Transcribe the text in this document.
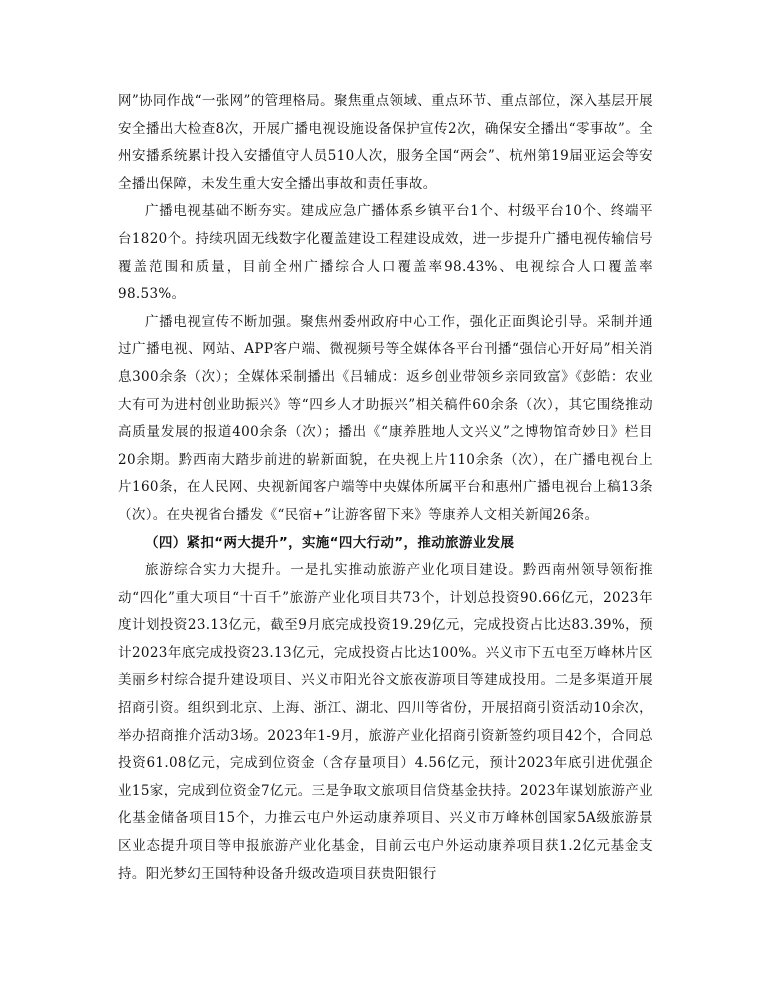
网”协同作战“一张网”的管理格局。聚焦重点领域、重点环节、重点部位，深入基层开展安全播出大检查8次，开展广播电视设施设备保护宣传2次，确保安全播出“零事故”。全州安播系统累计投入安播值守人员510人次，服务全国“两会”、杭州第19届亚运会等安全播出保障，未发生重大安全播出事故和责任事故。

广播电视基础不断夯实。建成应急广播体系乡镇平台1个、村级平台10个、终端平台1820个。持续巩固无线数字化覆盖建设工程建设成效，进一步提升广播电视传输信号覆盖范围和质量，目前全州广播综合人口覆盖率98.43%、电视综合人口覆盖率98.53%。

广播电视宣传不断加强。聚焦州委州政府中心工作，强化正面舆论引导。采制并通过广播电视、网站、APP客户端、微视频号等全媒体各平台刊播“强信心开好局”相关消息300余条（次）；全媒体采制播出《吕辅成：返乡创业带领乡亲同致富》《彭皓：农业大有可为进村创业助振兴》等“四乡人才助振兴”相关稿件60余条（次），其它围绕推动高质量发展的报道400余条（次）；播出《“康养胜地人文兴义”之博物馆奇妙日》栏目20余期。黔西南大踏步前进的崭新面貌，在央视上片110余条（次），在广播电视台上片160条，在人民网、央视新闻客户端等中央媒体所属平台和惠州广播电视台上稿13条（次）。在央视省台播发《“民宿+”让游客留下来》等康养人文相关新闻26条。

（四）紧扣“两大提升”，实施“四大行动”，推动旅游业发展

旅游综合实力大提升。一是扎实推动旅游产业化项目建设。黔西南州领导领衔推动“四化”重大项目“十百千”旅游产业化项目共73个，计划总投资90.66亿元，2023年度计划投资23.13亿元，截至9月底完成投资19.29亿元，完成投资占比达83.39%，预计2023年底完成投资23.13亿元，完成投资占比达100%。兴义市下五屯至万峰林片区美丽乡村综合提升建设项目、兴义市阳光谷文旅夜游项目等建成投用。二是多渠道开展招商引资。组织到北京、上海、浙江、湖北、四川等省份，开展招商引资活动10余次，举办招商推介活动3场。2023年1-9月，旅游产业化招商引资新签约项目42个，合同总投资61.08亿元，完成到位资金（含存量项目）4.56亿元，预计2023年底引进优强企业15家，完成到位资金7亿元。三是争取文旅项目信贷基金扶持。2023年谋划旅游产业化基金储备项目15个，力推云屯户外运动康养项目、兴义市万峰林创国家5A级旅游景区业态提升项目等申报旅游产业化基金，目前云屯户外运动康养项目获1.2亿元基金支持。阳光梦幻王国特种设备升级改造项目获贵阳银行
